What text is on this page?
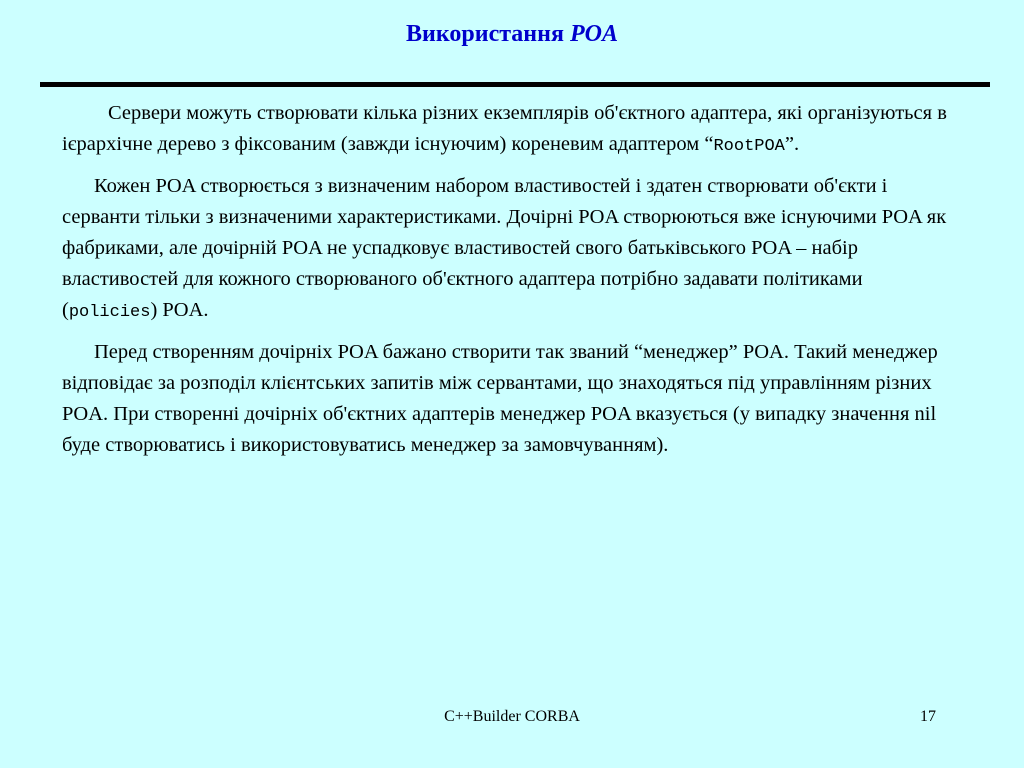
Використання POA

Сервери можуть створювати кілька різних екземплярів об'єктного адаптера, які організуються в ієрархічне дерево з фіксованим (завжди існуючим) кореневим адаптером “RootPOA”.

Кожен POA створюється з визначеним набором властивостей і здатен створювати об'єкти і серванти тільки з визначеними характеристиками. Дочірні POA створюються вже існуючими POA як фабриками, але дочірній POA не успадковує властивостей свого батьківського POA – набір властивостей для кожного створюваного об'єктного адаптера потрібно задавати політиками (policies) POA.

Перед створенням дочірніх POA бажано створити так званий “менеджер” POA. Такий менеджер відповідає за розподіл клієнтських запитів між сервантами, що знаходяться під управлінням різних POA. При створенні дочірніх об'єктних адаптерів менеджер POA вказується (у випадку значення nil буде створюватись і використовуватись менеджер за замовчуванням).

C++Builder CORBA	17
